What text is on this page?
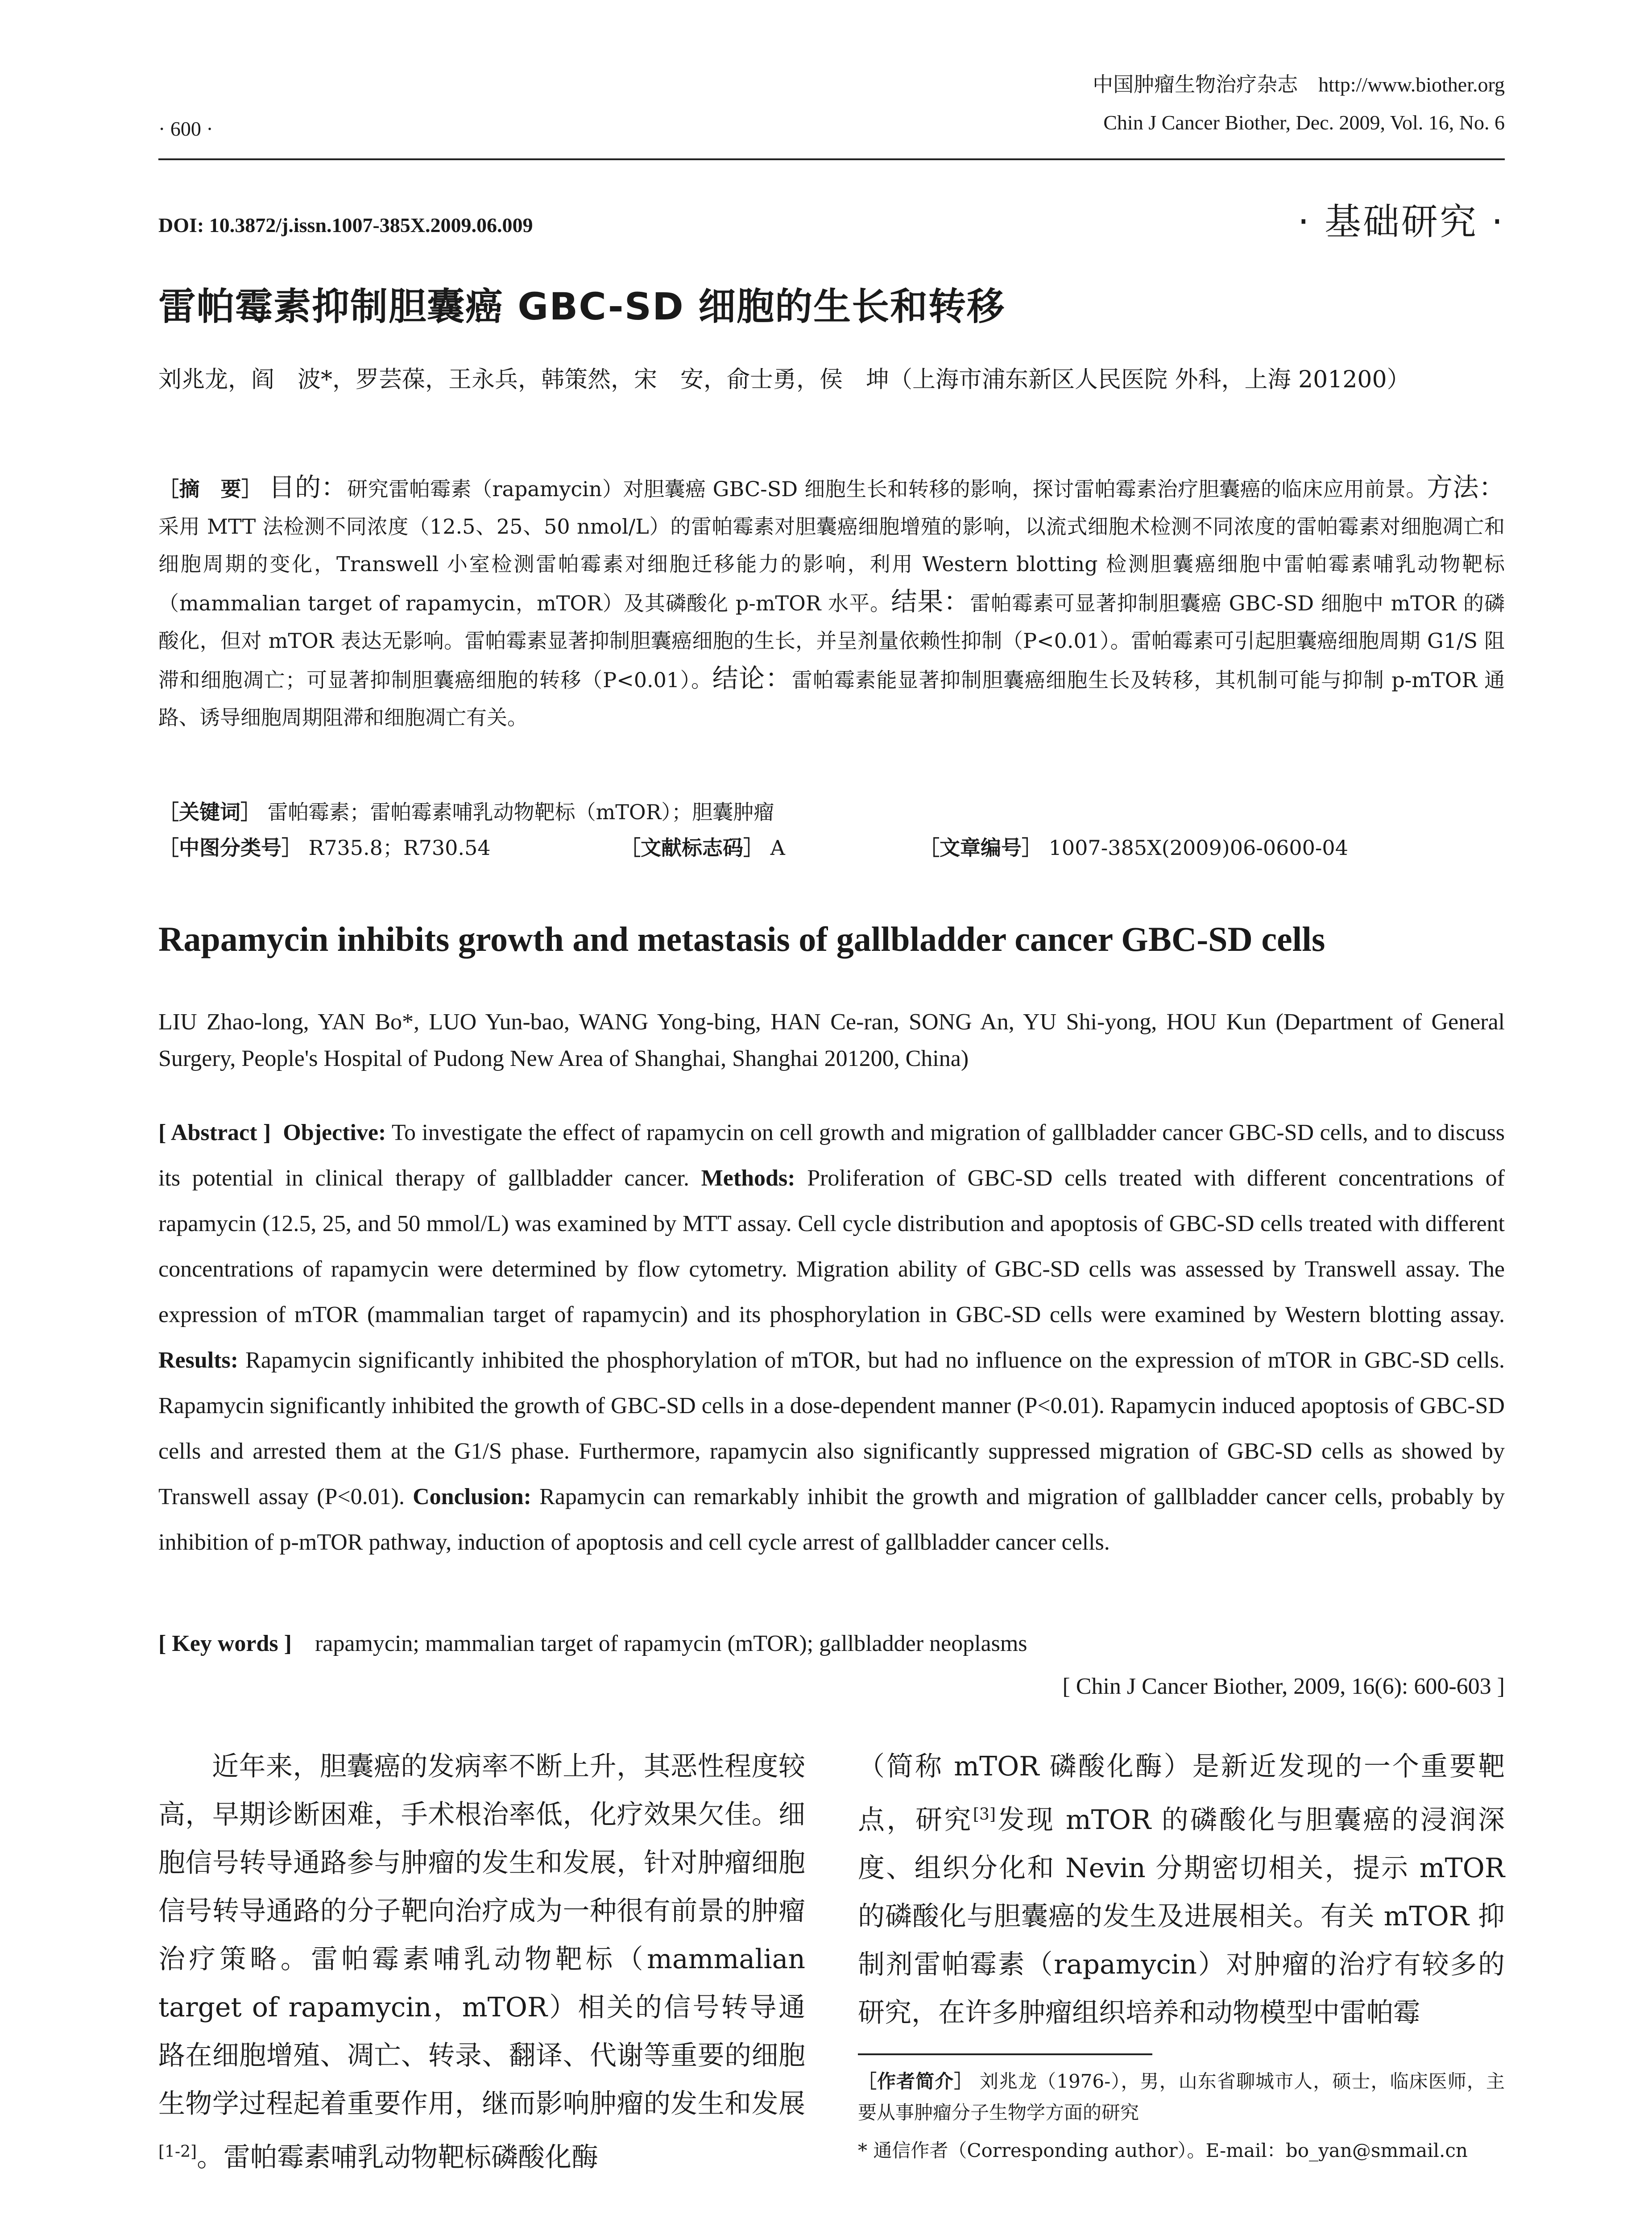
中国肿瘤生物治疗杂志　http://www.biother.org
Chin J Cancer Biother, Dec. 2009, Vol. 16, No. 6
· 600 ·
DOI: 10.3872/j.issn.1007-385X.2009.06.009	· 基础研究 ·
雷帕霉素抑制胆囊癌 GBC-SD 细胞的生长和转移
刘兆龙，阎　波*，罗芸葆，王永兵，韩策然，宋　安，俞士勇，侯　坤（上海市浦东新区人民医院 外科，上海 201200）
［摘　要］ 目的：研究雷帕霉素（rapamycin）对胆囊癌 GBC-SD 细胞生长和转移的影响，探讨雷帕霉素治疗胆囊癌的临床应用前景。方法：采用 MTT 法检测不同浓度（12.5、25、50 nmol/L）的雷帕霉素对胆囊癌细胞增殖的影响，以流式细胞术检测不同浓度的雷帕霉素对细胞凋亡和细胞周期的变化，Transwell 小室检测雷帕霉素对细胞迁移能力的影响，利用 Western blotting 检测胆囊癌细胞中雷帕霉素哺乳动物靶标（mammalian target of rapamycin，mTOR）及其磷酸化 p-mTOR 水平。结果：雷帕霉素可显著抑制胆囊癌 GBC-SD 细胞中 mTOR 的磷酸化，但对 mTOR 表达无影响。雷帕霉素显著抑制胆囊癌细胞的生长，并呈剂量依赖性抑制（P<0.01）。雷帕霉素可引起胆囊癌细胞周期 G1/S 阻滞和细胞凋亡；可显著抑制胆囊癌细胞的转移（P<0.01）。结论：雷帕霉素能显著抑制胆囊癌细胞生长及转移，其机制可能与抑制 p-mTOR 通路、诱导细胞周期阻滞和细胞凋亡有关。
［关键词］ 雷帕霉素；雷帕霉素哺乳动物靶标（mTOR）；胆囊肿瘤
［中图分类号］ R735.8；R730.54	［文献标志码］ A	［文章编号］ 1007-385X(2009)06-0600-04
Rapamycin inhibits growth and metastasis of gallbladder cancer GBC-SD cells
LIU Zhao-long, YAN Bo*, LUO Yun-bao, WANG Yong-bing, HAN Ce-ran, SONG An, YU Shi-yong, HOU Kun (Department of General Surgery, People's Hospital of Pudong New Area of Shanghai, Shanghai 201200, China)
[ Abstract ] Objective: To investigate the effect of rapamycin on cell growth and migration of gallbladder cancer GBC-SD cells, and to discuss its potential in clinical therapy of gallbladder cancer. Methods: Proliferation of GBC-SD cells treated with different concentrations of rapamycin (12.5, 25, and 50 mmol/L) was examined by MTT assay. Cell cycle distribution and apoptosis of GBC-SD cells treated with different concentrations of rapamycin were determined by flow cytometry. Migration ability of GBC-SD cells was assessed by Transwell assay. The expression of mTOR (mammalian target of rapamycin) and its phosphorylation in GBC-SD cells were examined by Western blotting assay. Results: Rapamycin significantly inhibited the phosphorylation of mTOR, but had no influence on the expression of mTOR in GBC-SD cells. Rapamycin significantly inhibited the growth of GBC-SD cells in a dose-dependent manner (P<0.01). Rapamycin induced apoptosis of GBC-SD cells and arrested them at the G1/S phase. Furthermore, rapamycin also significantly suppressed migration of GBC-SD cells as showed by Transwell assay (P<0.01). Conclusion: Rapamycin can remarkably inhibit the growth and migration of gallbladder cancer cells, probably by inhibition of p-mTOR pathway, induction of apoptosis and cell cycle arrest of gallbladder cancer cells.
[ Key words ] rapamycin; mammalian target of rapamycin (mTOR); gallbladder neoplasms
[ Chin J Cancer Biother, 2009, 16(6): 600-603 ]
近年来，胆囊癌的发病率不断上升，其恶性程度较高，早期诊断困难，手术根治率低，化疗效果欠佳。细胞信号转导通路参与肿瘤的发生和发展，针对肿瘤细胞信号转导通路的分子靶向治疗成为一种很有前景的肿瘤治疗策略。雷帕霉素哺乳动物靶标（mammalian target of rapamycin，mTOR）相关的信号转导通路在细胞增殖、凋亡、转录、翻译、代谢等重要的细胞生物学过程起着重要作用，继而影响肿瘤的发生和发展[1-2]。雷帕霉素哺乳动物靶标磷酸化酶
（简称 mTOR 磷酸化酶）是新近发现的一个重要靶点，研究[3]发现 mTOR 的磷酸化与胆囊癌的浸润深度、组织分化和 Nevin 分期密切相关，提示 mTOR 的磷酸化与胆囊癌的发生及进展相关。有关 mTOR 抑制剂雷帕霉素（rapamycin）对肿瘤的治疗有较多的研究，在许多肿瘤组织培养和动物模型中雷帕霉
［作者简介］ 刘兆龙（1976-），男，山东省聊城市人，硕士，临床医师，主要从事肿瘤分子生物学方面的研究
* 通信作者（Corresponding author）。E-mail：bo_yan@smmail.cn
